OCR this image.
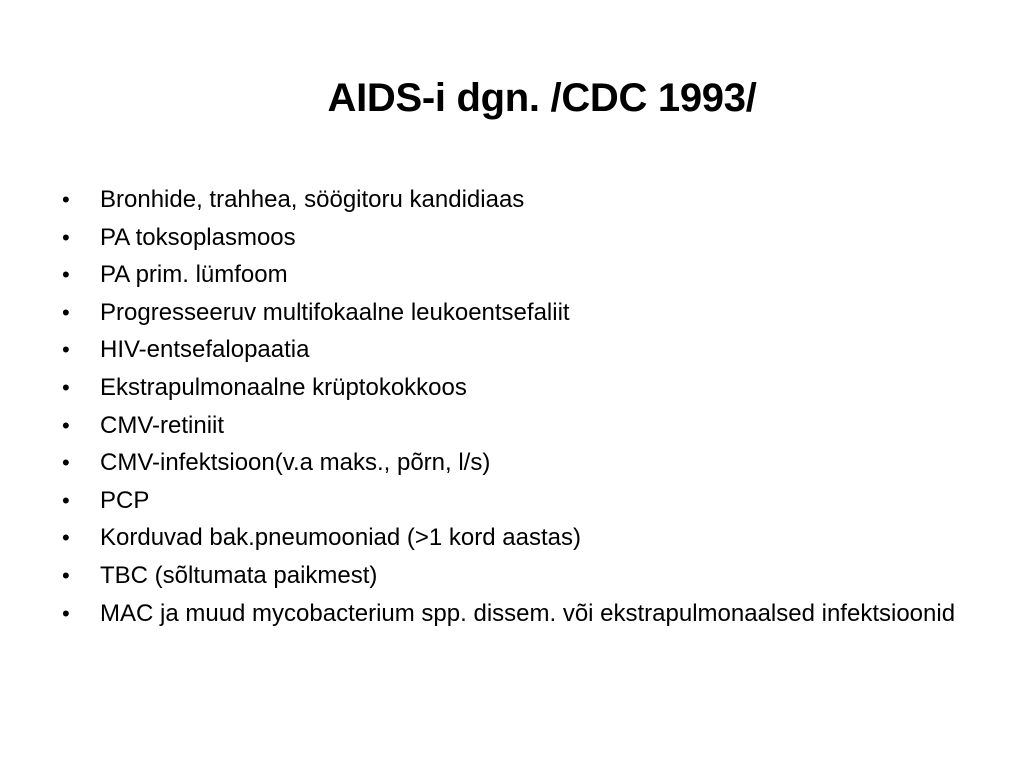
AIDS-i dgn. /CDC 1993/
•	Bronhide, trahhea, söögitoru kandidiaas
•	PA toksoplasmoos
•	PA prim. lümfoom
•	Progresseeruv multifokaalne leukoentsefaliit
•	HIV-entsefalopaatia
•	Ekstrapulmonaalne krüptokokkoos
•	CMV-retiniit
•	CMV-infektsioon(v.a maks., põrn, l/s)
•	PCP
•	Korduvad bak.pneumooniad (>1 kord aastas)
•	TBC (sõltumata paikmest)
•	MAC ja muud mycobacterium spp. dissem. või ekstrapulmonaalsed infektsioonid
